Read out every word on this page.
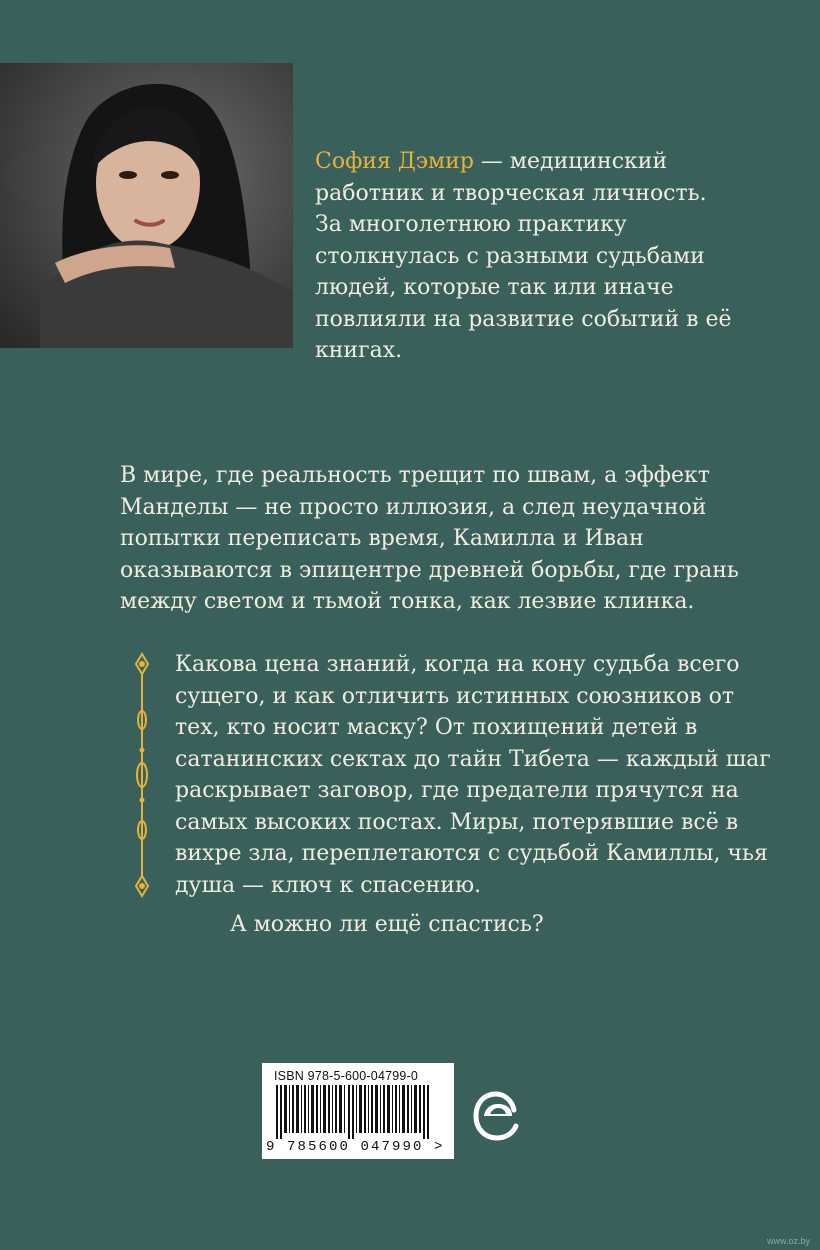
София Дэмир — медицинский работник и творческая личность. За многолетнюю практику столкнулась с разными судьбами людей, которые так или иначе повлияли на развитие событий в её книгах.

В мире, где реальность трещит по швам, а эффект Манделы — не просто иллюзия, а след неудачной попытки переписать время, Камилла и Иван оказываются в эпицентре древней борьбы, где грань между светом и тьмой тонка, как лезвие клинка.

Какова цена знаний, когда на кону судьба всего сущего, и как отличить истинных союзников от тех, кто носит маску? От похищений детей в сатанинских сектах до тайн Тибета — каждый шаг раскрывает заговор, где предатели прячутся на самых высоких постах. Миры, потерявшие всё в вихре зла, переплетаются с судьбой Камиллы, чья душа — ключ к спасению.

А можно ли ещё спастись?
ISBN 978-5-600-04799-0
9 785600 047990 >
www.oz.by
